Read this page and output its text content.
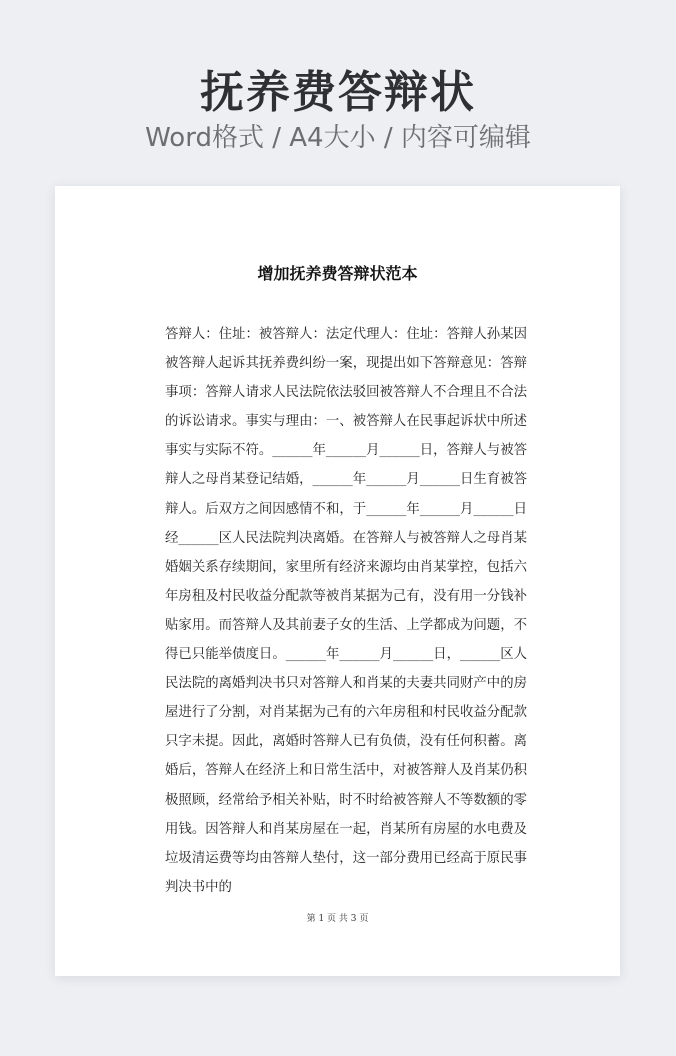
抚养费答辩状
Word格式 / A4大小 / 内容可编辑
增加抚养费答辩状范本

答辩人：住址：被答辩人：法定代理人：住址：答辩人孙某因被答辩人起诉其抚养费纠纷一案，现提出如下答辩意见：答辩事项：答辩人请求人民法院依法驳回被答辩人不合理且不合法的诉讼请求。事实与理由：一、被答辩人在民事起诉状中所述事实与实际不符。______年______月______日，答辩人与被答辩人之母肖某登记结婚，______年______月______日生育被答辩人。后双方之间因感情不和，于______年______月______日经______区人民法院判决离婚。在答辩人与被答辩人之母肖某婚姻关系存续期间，家里所有经济来源均由肖某掌控，包括六年房租及村民收益分配款等被肖某据为己有，没有用一分钱补贴家用。而答辩人及其前妻子女的生活、上学都成为问题，不得已只能举债度日。______年______月______日，______区人民法院的离婚判决书只对答辩人和肖某的夫妻共同财产中的房屋进行了分割，对肖某据为己有的六年房租和村民收益分配款只字未提。因此，离婚时答辩人已有负债，没有任何积蓄。离婚后，答辩人在经济上和日常生活中，对被答辩人及肖某仍积极照顾，经常给予相关补贴，时不时给被答辩人不等数额的零用钱。因答辩人和肖某房屋在一起，肖某所有房屋的水电费及垃圾清运费等均由答辩人垫付，这一部分费用已经高于原民事判决书中的

第 1 页 共 3 页
